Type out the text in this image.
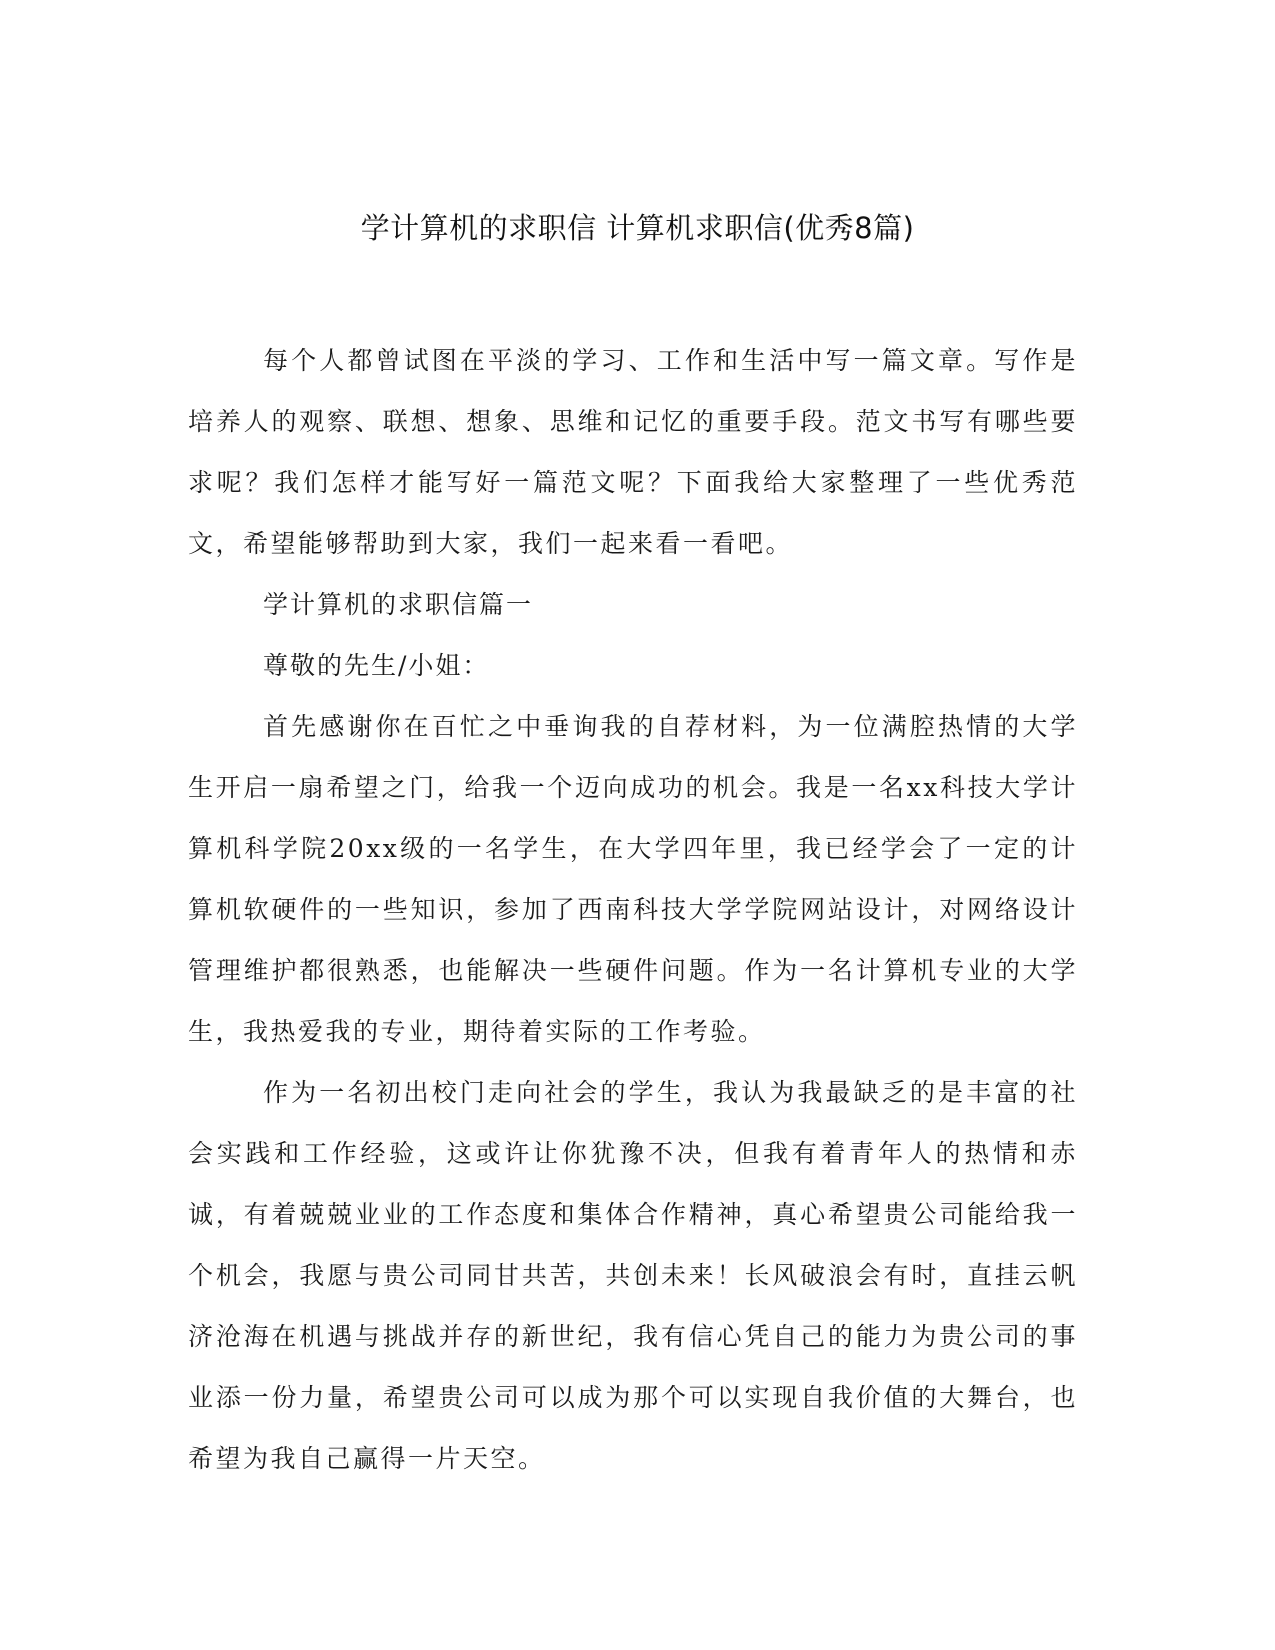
学计算机的求职信 计算机求职信(优秀8篇)

每个人都曾试图在平淡的学习、工作和生活中写一篇文章。写作是培养人的观察、联想、想象、思维和记忆的重要手段。范文书写有哪些要求呢？我们怎样才能写好一篇范文呢？下面我给大家整理了一些优秀范文，希望能够帮助到大家，我们一起来看一看吧。

学计算机的求职信篇一

尊敬的先生/小姐：

首先感谢你在百忙之中垂询我的自荐材料，为一位满腔热情的大学生开启一扇希望之门，给我一个迈向成功的机会。我是一名xx科技大学计算机科学院20xx级的一名学生，在大学四年里，我已经学会了一定的计算机软硬件的一些知识，参加了西南科技大学学院网站设计，对网络设计管理维护都很熟悉，也能解决一些硬件问题。作为一名计算机专业的大学生，我热爱我的专业，期待着实际的工作考验。

作为一名初出校门走向社会的学生，我认为我最缺乏的是丰富的社会实践和工作经验，这或许让你犹豫不决，但我有着青年人的热情和赤诚，有着兢兢业业的工作态度和集体合作精神，真心希望贵公司能给我一个机会，我愿与贵公司同甘共苦，共创未来！长风破浪会有时，直挂云帆济沧海在机遇与挑战并存的新世纪，我有信心凭自己的能力为贵公司的事业添一份力量，希望贵公司可以成为那个可以实现自我价值的大舞台，也希望为我自己赢得一片天空。
